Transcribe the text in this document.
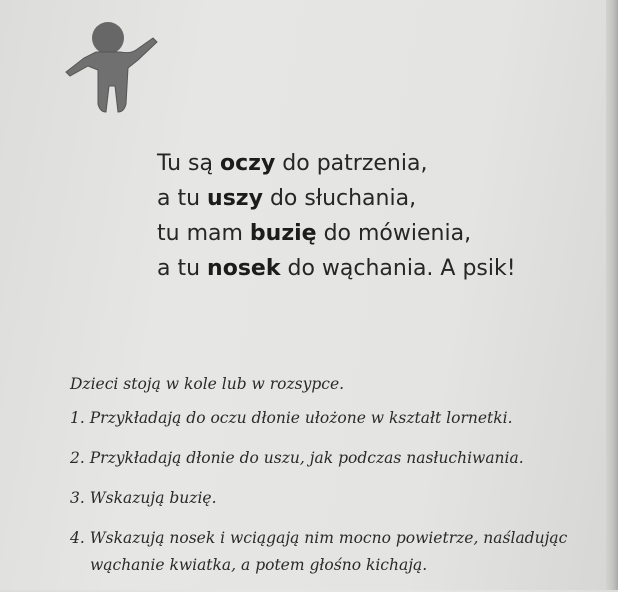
Tu są oczy do patrzenia,
a tu uszy do słuchania,
tu mam buzię do mówienia,
a tu nosek do wąchania. A psik!
Dzieci stoją w kole lub w rozsypce.
1. Przykładają do oczu dłonie ułożone w kształt lornetki.
2. Przykładają dłonie do uszu, jak podczas nasłuchiwania.
3. Wskazują buzię.
4. Wskazują nosek i wciągają nim mocno powietrze, naśladując
wąchanie kwiatka, a potem głośno kichają.
